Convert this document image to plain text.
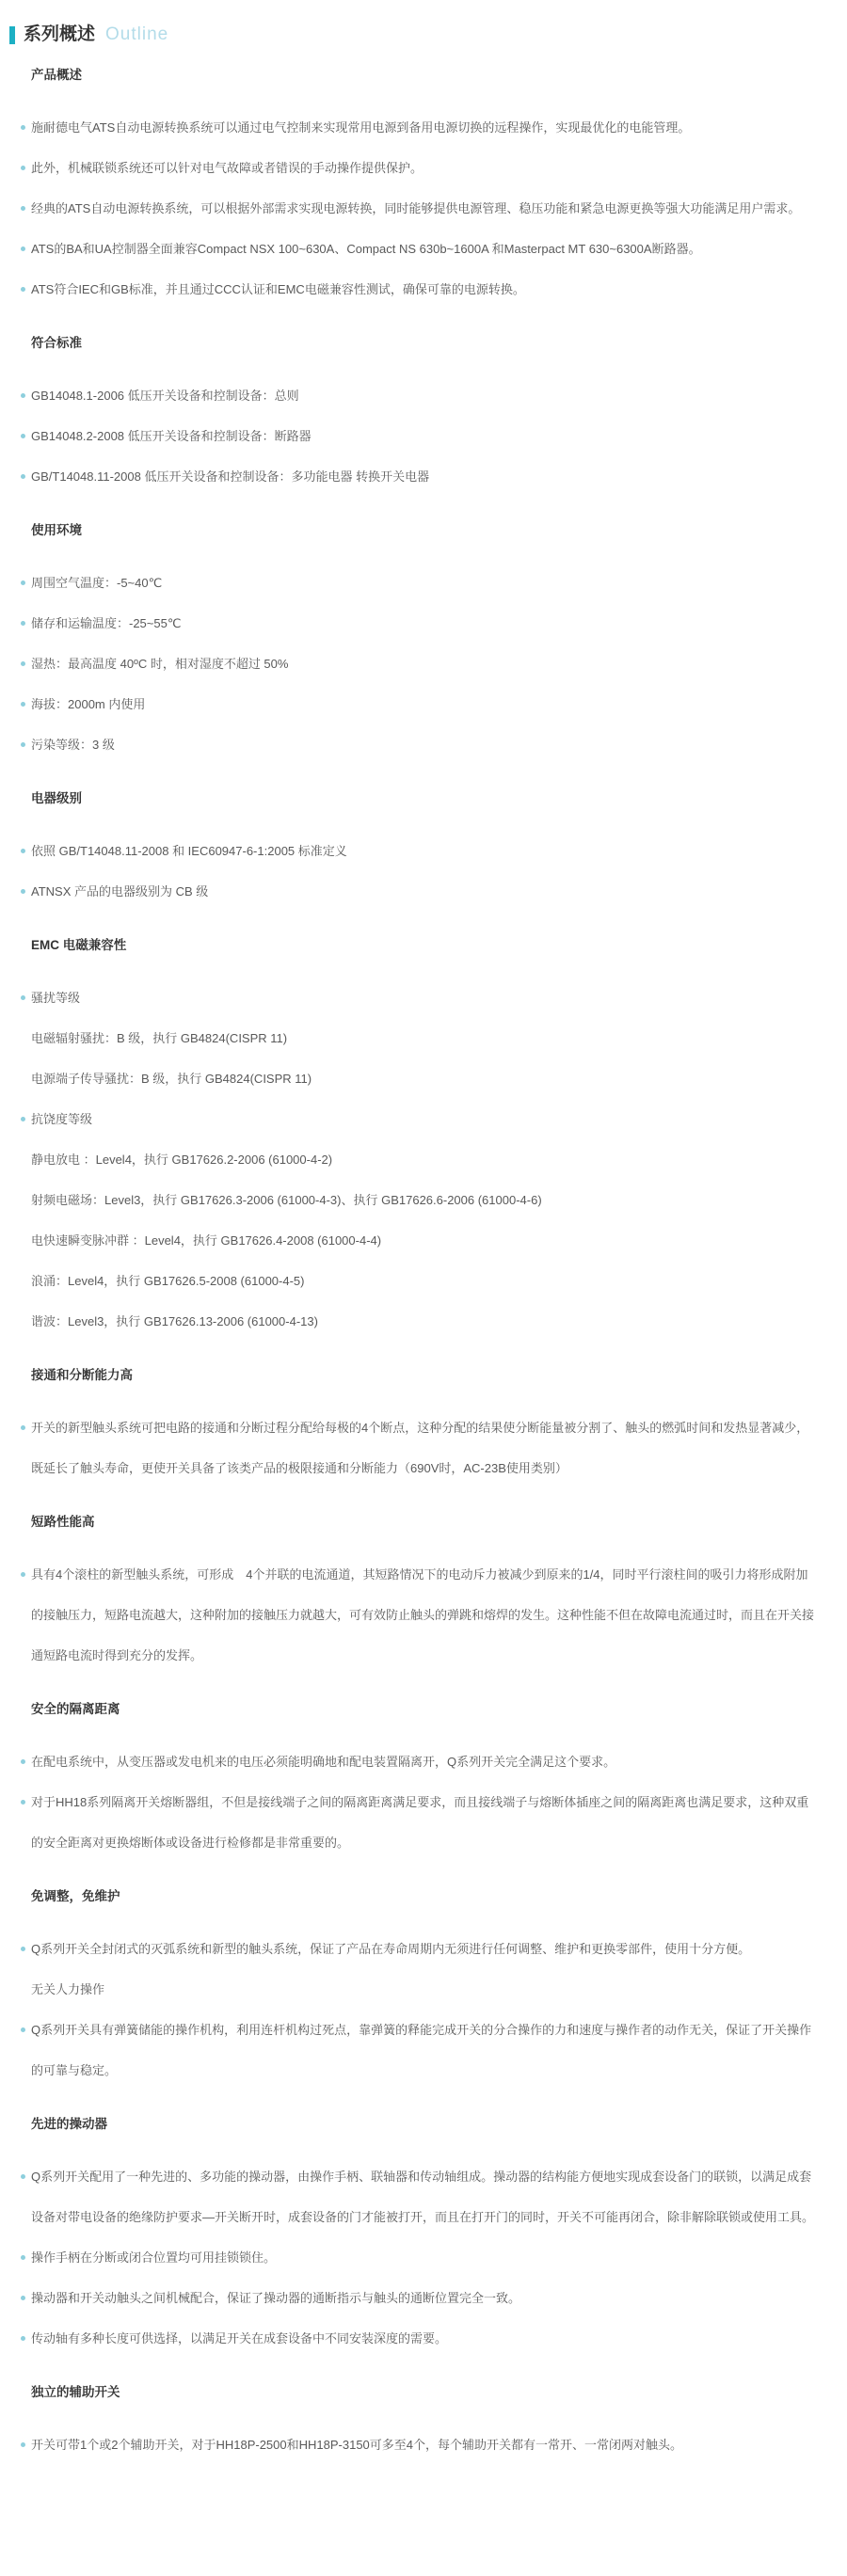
系列概述 Outline
产品概述
施耐德电气ATS自动电源转换系统可以通过电气控制来实现常用电源到备用电源切换的远程操作，实现最优化的电能管理。
此外，机械联锁系统还可以针对电气故障或者错误的手动操作提供保护。
经典的ATS自动电源转换系统，可以根据外部需求实现电源转换，同时能够提供电源管理、稳压功能和紧急电源更换等强大功能满足用户需求。
ATS的BA和UA控制器全面兼容Compact NSX 100~630A、Compact NS 630b~1600A 和Masterpact MT 630~6300A断路器。
ATS符合IEC和GB标准，并且通过CCC认证和EMC电磁兼容性测试，确保可靠的电源转换。
符合标准
GB14048.1-2006 低压开关设备和控制设备：总则
GB14048.2-2008 低压开关设备和控制设备：断路器
GB/T14048.11-2008 低压开关设备和控制设备：多功能电器 转换开关电器
使用环境
周围空气温度：-5~40℃
储存和运输温度：-25~55℃
湿热：最高温度 40ºC 时，相对湿度不超过 50%
海拔：2000m 内使用
污染等级：3 级
电器级别
依照 GB/T14048.11-2008 和 IEC60947-6-1:2005 标准定义
ATNSX 产品的电器级别为 CB 级
EMC 电磁兼容性
骚扰等级
电磁辐射骚扰：B 级，执行 GB4824(CISPR 11)
电源端子传导骚扰：B 级，执行 GB4824(CISPR 11)
抗饶度等级
静电放电 ：Level4，执行 GB17626.2-2006 (61000-4-2)
射频电磁场：Level3，执行 GB17626.3-2006 (61000-4-3)、执行 GB17626.6-2006 (61000-4-6)
电快速瞬变脉冲群 ：Level4，执行 GB17626.4-2008 (61000-4-4)
浪涌：Level4，执行 GB17626.5-2008 (61000-4-5)
谐波：Level3，执行 GB17626.13-2006 (61000-4-13)
接通和分断能力高
开关的新型触头系统可把电路的接通和分断过程分配给每极的4个断点，这种分配的结果使分断能量被分割了、触头的燃弧时间和发热显著减少，既延长了触头寿命，更使开关具备了该类产品的极限接通和分断能力（690V时，AC-23B使用类别）
短路性能高
具有4个滚柱的新型触头系统，可形成　4个并联的电流通道，其短路情况下的电动斥力被减少到原来的1/4，同时平行滚柱间的吸引力将形成附加的接触压力，短路电流越大，这种附加的接触压力就越大，可有效防止触头的弹跳和熔焊的发生。这种性能不但在故障电流通过时，而且在开关接通短路电流时得到充分的发挥。
安全的隔离距离
在配电系统中，从变压器或发电机来的电压必须能明确地和配电装置隔离开，Q系列开关完全满足这个要求。
对于HH18系列隔离开关熔断器组，不但是接线端子之间的隔离距离满足要求，而且接线端子与熔断体插座之间的隔离距离也满足要求，这种双重的安全距离对更换熔断体或设备进行检修都是非常重要的。
免调整，免维护
Q系列开关全封闭式的灭弧系统和新型的触头系统，保证了产品在寿命周期内无须进行任何调整、维护和更换零部件，使用十分方便。
无关人力操作
Q系列开关具有弹簧储能的操作机构，利用连杆机构过死点，靠弹簧的释能完成开关的分合操作的力和速度与操作者的动作无关，保证了开关操作的可靠与稳定。
先进的操动器
Q系列开关配用了一种先进的、多功能的操动器，由操作手柄、联轴器和传动轴组成。操动器的结构能方便地实现成套设备门的联锁，以满足成套设备对带电设备的绝缘防护要求—开关断开时，成套设备的门才能被打开，而且在打开门的同时，开关不可能再闭合，除非解除联锁或使用工具。
操作手柄在分断或闭合位置均可用挂锁锁住。
操动器和开关动触头之间机械配合，保证了操动器的通断指示与触头的通断位置完全一致。
传动轴有多种长度可供选择，以满足开关在成套设备中不同安装深度的需要。
独立的辅助开关
开关可带1个或2个辅助开关，对于HH18P-2500和HH18P-3150可多至4个，每个辅助开关都有一常开、一常闭两对触头。
